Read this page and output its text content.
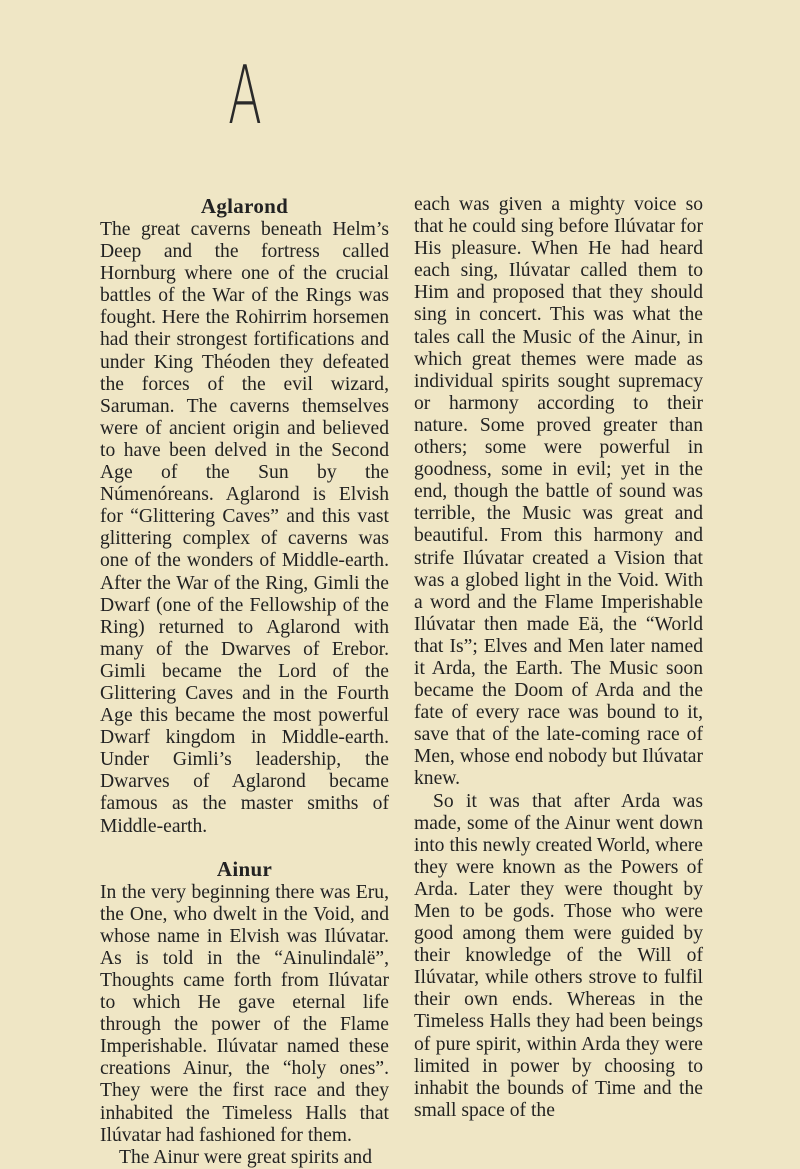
A
Aglarond

The great caverns beneath Helm’s Deep and the fortress called Hornburg where one of the crucial battles of the War of the Rings was fought. Here the Rohirrim horsemen had their strongest fortifications and under King Théoden they defeated the forces of the evil wizard, Saruman. The caverns themselves were of ancient origin and believed to have been delved in the Second Age of the Sun by the Númenóreans. Aglarond is Elvish for “Glittering Caves” and this vast glittering complex of caverns was one of the wonders of Middle-earth. After the War of the Ring, Gimli the Dwarf (one of the Fellowship of the Ring) returned to Aglarond with many of the Dwarves of Erebor. Gimli became the Lord of the Glittering Caves and in the Fourth Age this became the most powerful Dwarf kingdom in Middle-earth. Under Gimli’s leadership, the Dwarves of Aglarond became famous as the master smiths of Middle-earth.

Ainur

In the very beginning there was Eru, the One, who dwelt in the Void, and whose name in Elvish was Ilúvatar. As is told in the “Ainulindalë”, Thoughts came forth from Ilúvatar to which He gave eternal life through the power of the Flame Imperishable. Ilúvatar named these creations Ainur, the “holy ones”. They were the first race and they inhabited the Timeless Halls that Ilúvatar had fashioned for them.

The Ainur were great spirits and

each was given a mighty voice so that he could sing before Ilúvatar for His pleasure. When He had heard each sing, Ilúvatar called them to Him and proposed that they should sing in concert. This was what the tales call the Music of the Ainur, in which great themes were made as individual spirits sought supremacy or harmony according to their nature. Some proved greater than others; some were powerful in goodness, some in evil; yet in the end, though the battle of sound was terrible, the Music was great and beautiful. From this harmony and strife Ilúvatar created a Vision that was a globed light in the Void. With a word and the Flame Imperishable Ilúvatar then made Eä, the “World that Is”; Elves and Men later named it Arda, the Earth. The Music soon became the Doom of Arda and the fate of every race was bound to it, save that of the late-coming race of Men, whose end nobody but Ilúvatar knew.

So it was that after Arda was made, some of the Ainur went down into this newly created World, where they were known as the Powers of Arda. Later they were thought by Men to be gods. Those who were good among them were guided by their knowledge of the Will of Ilúvatar, while others strove to fulfil their own ends. Whereas in the Timeless Halls they had been beings of pure spirit, within Arda they were limited in power by choosing to inhabit the bounds of Time and the small space of the
